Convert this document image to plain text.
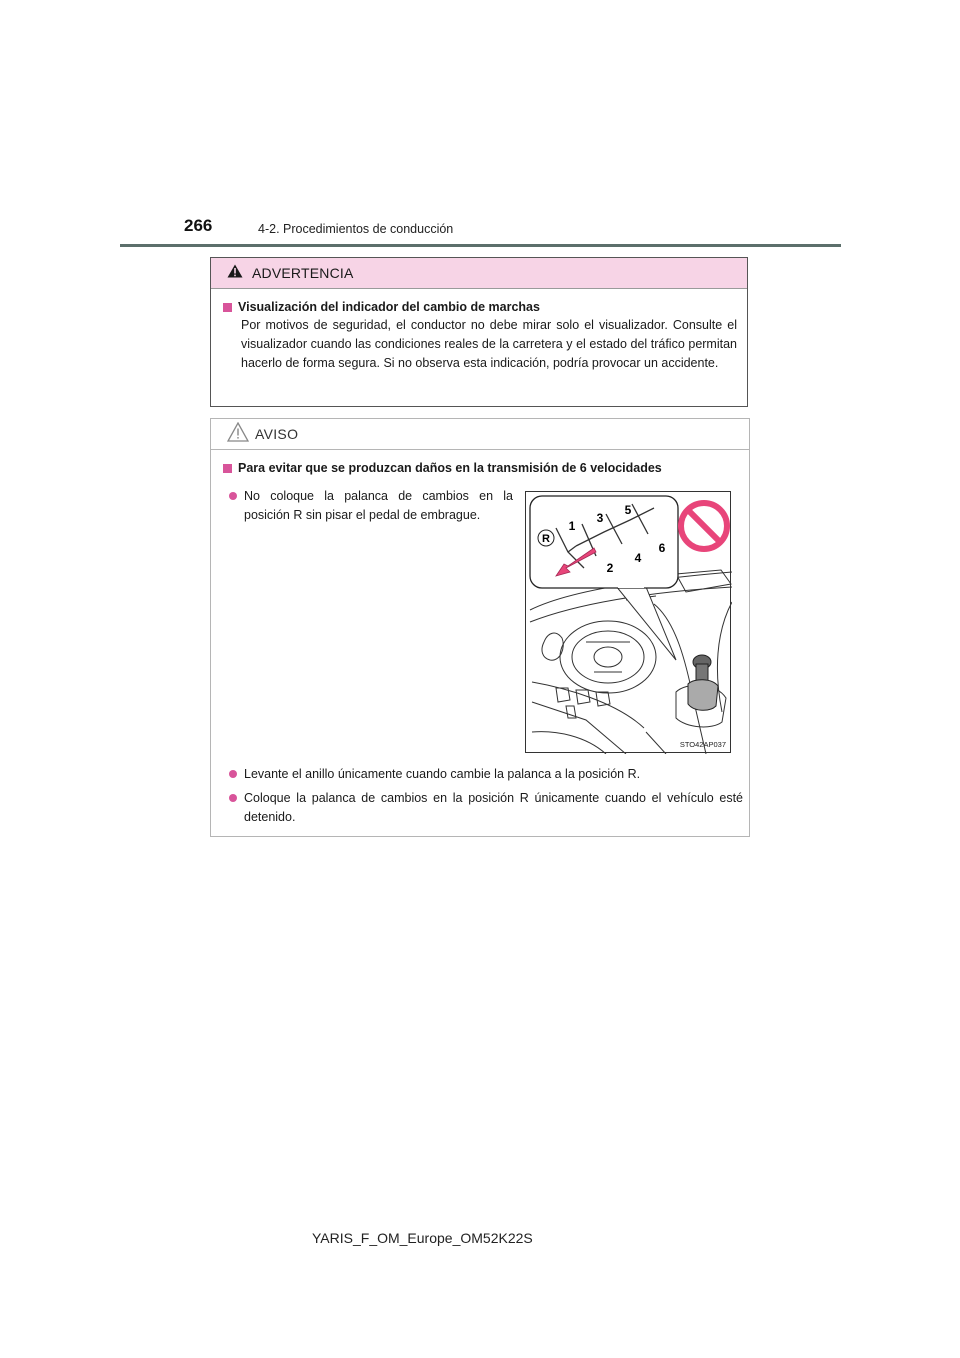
266	4-2. Procedimientos de conducción
ADVERTENCIA
Visualización del indicador del cambio de marchas
Por motivos de seguridad, el conductor no debe mirar solo el visualizador. Consulte el visualizador cuando las condiciones reales de la carretera y el estado del tráfico permitan hacerlo de forma segura. Si no observa esta indicación, podría provocar un accidente.
AVISO
Para evitar que se produzcan daños en la transmisión de 6 velocidades
No coloque la palanca de cambios en la posición R sin pisar el pedal de embrague.
R
1
2
3
4
5
6
STO42AP037
Levante el anillo únicamente cuando cambie la palanca a la posición R.
Coloque la palanca de cambios en la posición R únicamente cuando el vehículo esté detenido.
YARIS_F_OM_Europe_OM52K22S
